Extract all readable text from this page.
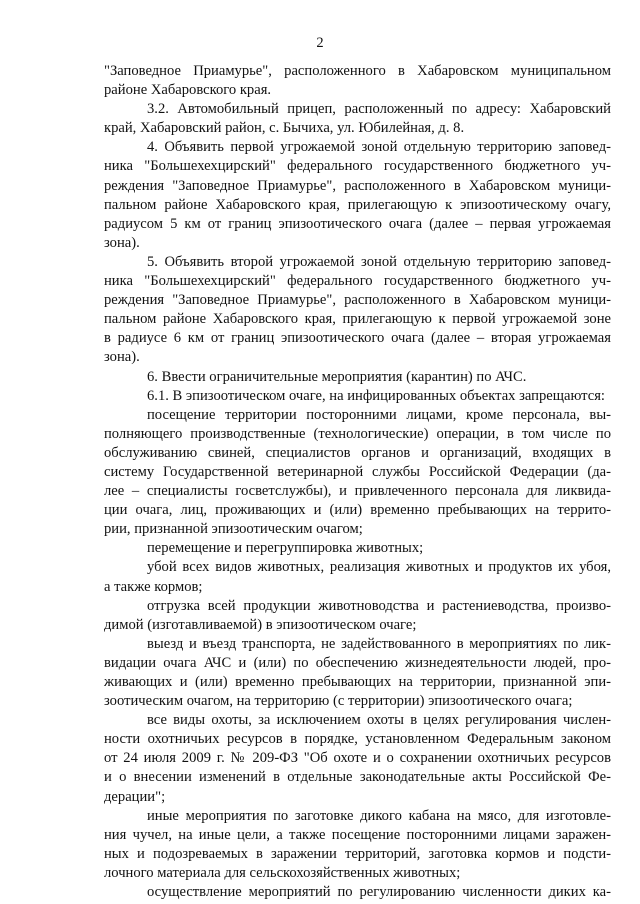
2
"Заповедное Приамурье", расположенного в Хабаровском муниципальном
районе Хабаровского края.
3.2. Автомобильный прицеп, расположенный по адресу: Хабаровский
край, Хабаровский район, с. Бычиха, ул. Юбилейная, д. 8.
4. Объявить первой угрожаемой зоной отдельную территорию заповед-
ника "Большехехцирский" федерального государственного бюджетного уч-
реждения "Заповедное Приамурье", расположенного в Хабаровском муници-
пальном районе Хабаровского края, прилегающую к эпизоотическому очагу,
радиусом 5 км от границ эпизоотического очага (далее – первая угрожаемая
зона).
5. Объявить второй угрожаемой зоной отдельную территорию заповед-
ника "Большехехцирский" федерального государственного бюджетного уч-
реждения "Заповедное Приамурье", расположенного в Хабаровском муници-
пальном районе Хабаровского края, прилегающую к первой угрожаемой зоне
в радиусе 6 км от границ эпизоотического очага (далее – вторая угрожаемая
зона).
6. Ввести ограничительные мероприятия (карантин) по АЧС.
6.1. В эпизоотическом очаге, на инфицированных объектах запрещаются:
посещение территории посторонними лицами, кроме персонала, вы-
полняющего производственные (технологические) операции, в том числе по
обслуживанию свиней, специалистов органов и организаций, входящих в
систему Государственной ветеринарной службы Российской Федерации (да-
лее – специалисты госветслужбы), и привлеченного персонала для ликвида-
ции очага, лиц, проживающих и (или) временно пребывающих на террито-
рии, признанной эпизоотическим очагом;
перемещение и перегруппировка животных;
убой всех видов животных, реализация животных и продуктов их убоя,
а также кормов;
отгрузка всей продукции животноводства и растениеводства, произво-
димой (изготавливаемой) в эпизоотическом очаге;
выезд и въезд транспорта, не задействованного в мероприятиях по лик-
видации очага АЧС и (или) по обеспечению жизнедеятельности людей, про-
живающих и (или) временно пребывающих на территории, признанной эпи-
зоотическим очагом, на территорию (с территории) эпизоотического очага;
все виды охоты, за исключением охоты в целях регулирования числен-
ности охотничьих ресурсов в порядке, установленном Федеральным законом
от 24 июля 2009 г. № 209-ФЗ "Об охоте и о сохранении охотничьих ресурсов
и о внесении изменений в отдельные законодательные акты Российской Фе-
дерации";
иные мероприятия по заготовке дикого кабана на мясо, для изготовле-
ния чучел, на иные цели, а также посещение посторонними лицами заражен-
ных и подозреваемых в заражении территорий, заготовка кормов и подсти-
лочного материала для сельскохозяйственных животных;
осуществление мероприятий по регулированию численности диких ка-
